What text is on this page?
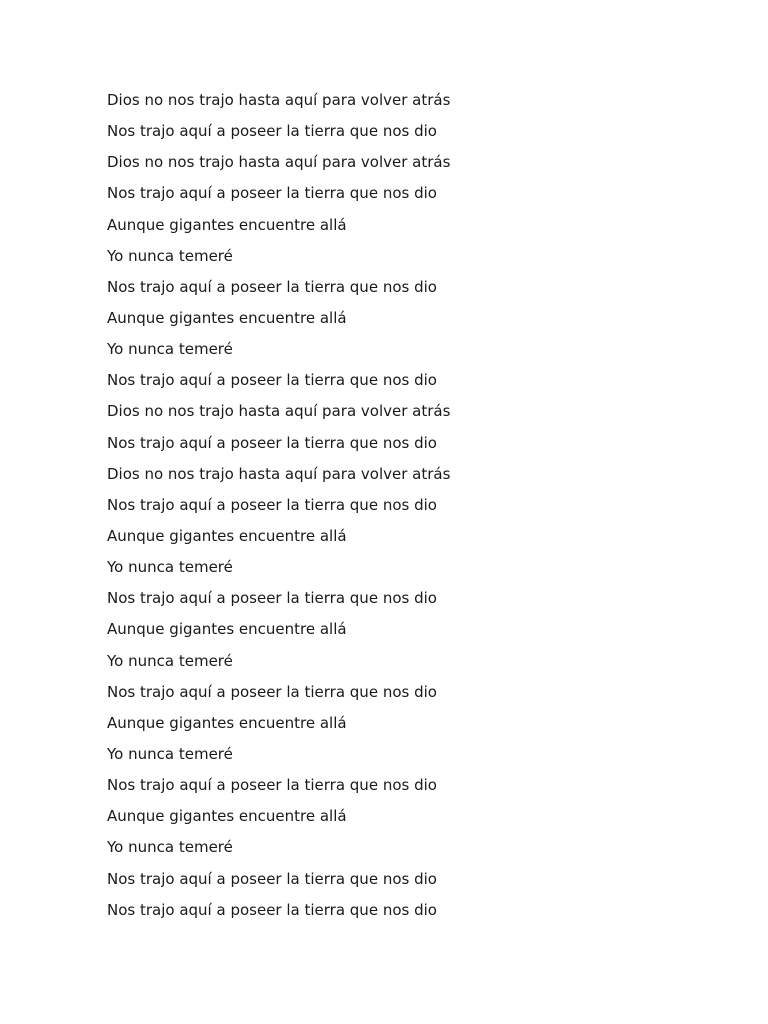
Dios no nos trajo hasta aquí para volver atrás
Nos trajo aquí a poseer la tierra que nos dio
Dios no nos trajo hasta aquí para volver atrás
Nos trajo aquí a poseer la tierra que nos dio
Aunque gigantes encuentre allá
Yo nunca temeré
Nos trajo aquí a poseer la tierra que nos dio
Aunque gigantes encuentre allá
Yo nunca temeré
Nos trajo aquí a poseer la tierra que nos dio
Dios no nos trajo hasta aquí para volver atrás
Nos trajo aquí a poseer la tierra que nos dio
Dios no nos trajo hasta aquí para volver atrás
Nos trajo aquí a poseer la tierra que nos dio
Aunque gigantes encuentre allá
Yo nunca temeré
Nos trajo aquí a poseer la tierra que nos dio
Aunque gigantes encuentre allá
Yo nunca temeré
Nos trajo aquí a poseer la tierra que nos dio
Aunque gigantes encuentre allá
Yo nunca temeré
Nos trajo aquí a poseer la tierra que nos dio
Aunque gigantes encuentre allá
Yo nunca temeré
Nos trajo aquí a poseer la tierra que nos dio
Nos trajo aquí a poseer la tierra que nos dio
